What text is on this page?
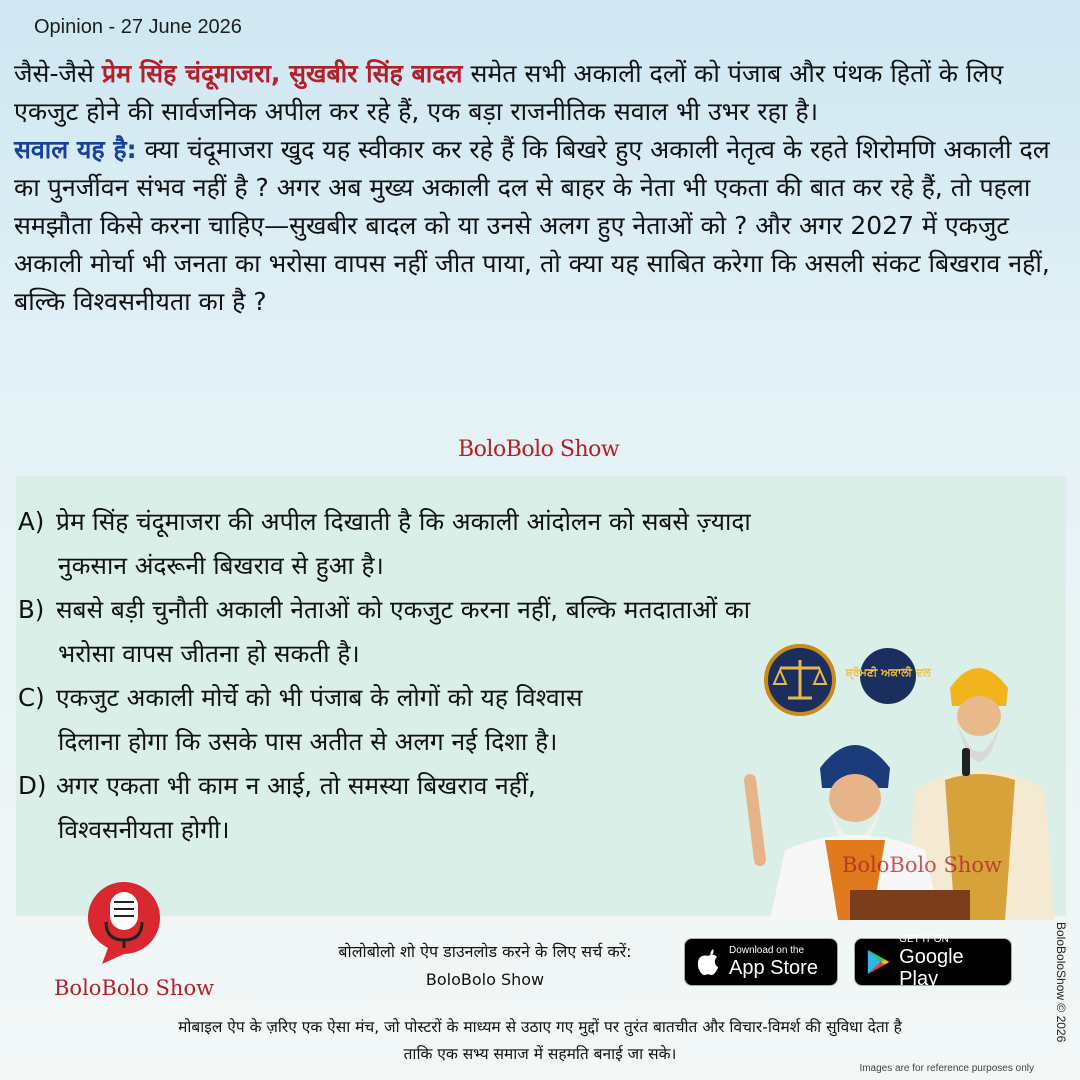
Opinion - 27 June 2026
जैसे-जैसे प्रेम सिंह चंदूमाजरा, सुखबीर सिंह बादल समेत सभी अकाली दलों को पंजाब और पंथक हितों के लिए एकजुट होने की सार्वजनिक अपील कर रहे हैं, एक बड़ा राजनीतिक सवाल भी उभर रहा है।
सवाल यह है: क्या चंदूमाजरा खुद यह स्वीकार कर रहे हैं कि बिखरे हुए अकाली नेतृत्व के रहते शिरोमणि अकाली दल का पुनर्जीवन संभव नहीं है ? अगर अब मुख्य अकाली दल से बाहर के नेता भी एकता की बात कर रहे हैं, तो पहला समझौता किसे करना चाहिए—सुखबीर बादल को या उनसे अलग हुए नेताओं को ? और अगर 2027 में एकजुट अकाली मोर्चा भी जनता का भरोसा वापस नहीं जीत पाया, तो क्या यह साबित करेगा कि असली संकट बिखराव नहीं, बल्कि विश्वसनीयता का है ?
BoloBolo Show
A) प्रेम सिंह चंदूमाजरा की अपील दिखाती है कि अकाली आंदोलन को सबसे ज़्यादा
नुकसान अंदरूनी बिखराव से हुआ है।
B) सबसे बड़ी चुनौती अकाली नेताओं को एकजुट करना नहीं, बल्कि मतदाताओं का
भरोसा वापस जीतना हो सकती है।
C) एकजुट अकाली मोर्चे को भी पंजाब के लोगों को यह विश्वास
दिलाना होगा कि उसके पास अतीत से अलग नई दिशा है।
D) अगर एकता भी काम न आई, तो समस्या बिखराव नहीं,
विश्वसनीयता होगी।
ਸ਼੍ਰੋਮਣੀ ਅਕਾਲੀ ਦਲ
BoloBolo Show
BoloBolo Show
बोलोबोलो शो ऐप डाउनलोड करने के लिए सर्च करें:
BoloBolo Show
Download on the
App Store
GET IT ON
Google Play
मोबाइल ऐप के ज़रिए एक ऐसा मंच, जो पोस्टरों के माध्यम से उठाए गए मुद्दों पर तुरंत बातचीत और विचार-विमर्श की सुविधा देता है
ताकि एक सभ्य समाज में सहमति बनाई जा सके।
Images are for reference purposes only
BoloBoloShow © 2026
